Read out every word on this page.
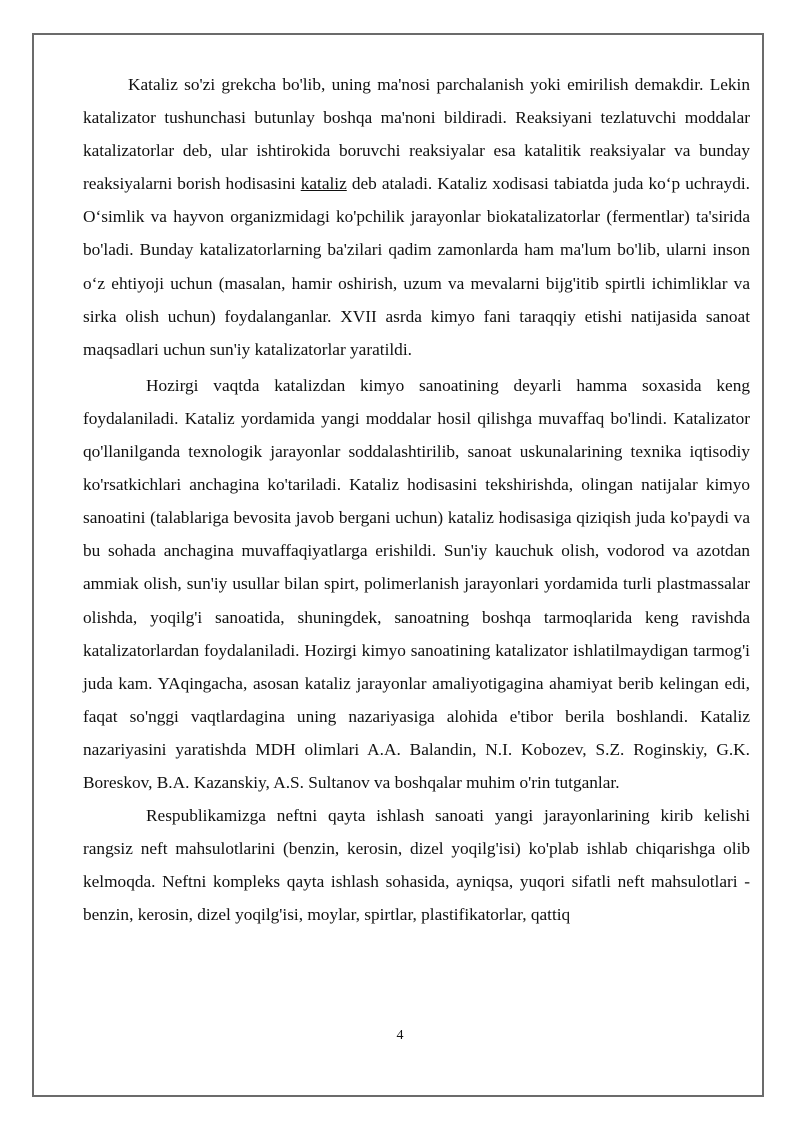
Kataliz so'zi grekcha bo'lib, uning ma'nosi parchalanish yoki emirilish demakdir. Lekin katalizator tushunchasi butunlay boshqa ma'noni bildiradi. Reaksiyani tezlatuvchi moddalar katalizatorlar deb, ular ishtirokida boruvchi reaksiyalar esa katalitik reaksiyalar va bunday reaksiyalarni borish hodisasini kataliz deb ataladi. Kataliz xodisasi tabiatda juda koʻp uchraydi. Oʻsimlik va hayvon organizmidagi ko'pchilik jarayonlar biokatalizatorlar (fermentlar) ta'sirida bo'ladi. Bunday katalizatorlarning ba'zilari qadim zamonlarda ham ma'lum bo'lib, ularni inson oʻz ehtiyoji uchun (masalan, hamir oshirish, uzum va mevalarni bijg'itib spirtli ichimliklar va sirka olish uchun) foydalanganlar. XVII asrda kimyo fani taraqqiy etishi natijasida sanoat maqsadlari uchun sun'iy katalizatorlar yaratildi.

Hozirgi vaqtda katalizdan kimyo sanoatining deyarli hamma soxasida keng foydalaniladi. Kataliz yordamida yangi moddalar hosil qilishga muvaffaq bo'lindi. Katalizator qo'llanilganda texnologik jarayonlar soddalashtirilib, sanoat uskunalarining texnika iqtisodiy ko'rsatkichlari anchagina ko'tariladi. Kataliz hodisasini tekshirishda, olingan natijalar kimyo sanoatini (talablariga bevosita javob bergani uchun) kataliz hodisasiga qiziqish juda ko'paydi va bu sohada anchagina muvaffaqiyatlarga erishildi. Sun'iy kauchuk olish, vodorod va azotdan ammiak olish, sun'iy usullar bilan spirt, polimerlanish jarayonlari yordamida turli plastmassalar olishda, yoqilg'i sanoatida, shuningdek, sanoatning boshqa tarmoqlarida keng ravishda katalizatorlardan foydalaniladi. Hozirgi kimyo sanoatining katalizator ishlatilmaydigan tarmog'i juda kam. YAqingacha, asosan kataliz jarayonlar amaliyotigagina ahamiyat berib kelingan edi, faqat so'nggi vaqtlardagina uning nazariyasiga alohida e'tibor berila boshlandi. Kataliz nazariyasini yaratishda MDH olimlari A.A. Balandin, N.I. Kobozev, S.Z. Roginskiy, G.K. Boreskov, B.A. Kazanskiy, A.S. Sultanov va boshqalar muhim o'rin tutganlar.

Respublikamizga neftni qayta ishlash sanoati yangi jarayonlarining kirib kelishi rangsiz neft mahsulotlarini (benzin, kerosin, dizel yoqilg'isi) ko'plab ishlab chiqarishga olib kelmoqda. Neftni kompleks qayta ishlash sohasida, ayniqsa, yuqori sifatli neft mahsulotlari - benzin, kerosin, dizel yoqilg'isi, moylar, spirtlar, plastifikatorlar, qattiq

4
